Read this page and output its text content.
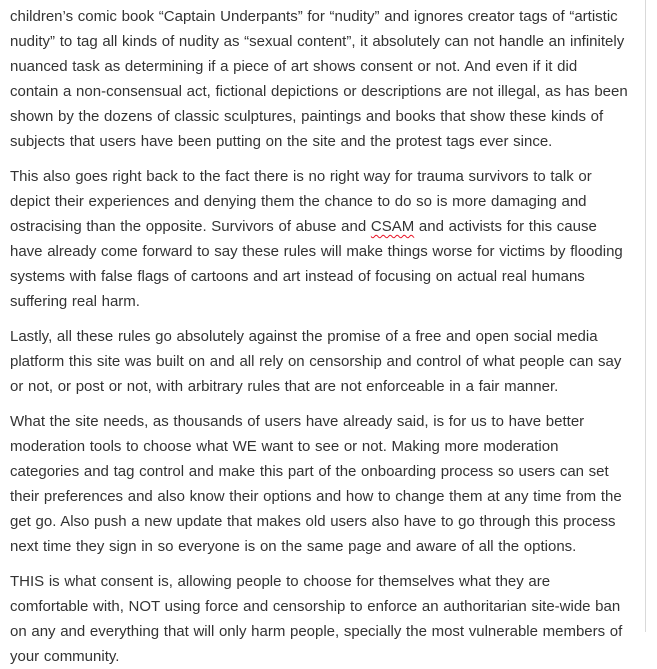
children’s comic book “Captain Underpants” for “nudity” and ignores creator tags of “artistic nudity” to tag all kinds of nudity as “sexual content”, it absolutely can not handle an infinitely nuanced task as determining if a piece of art shows consent or not. And even if it did contain a non-consensual act, fictional depictions or descriptions are not illegal, as has been shown by the dozens of classic sculptures, paintings and books that show these kinds of subjects that users have been putting on the site and the protest tags ever since.

This also goes right back to the fact there is no right way for trauma survivors to talk or depict their experiences and denying them the chance to do so is more damaging and ostracising than the opposite. Survivors of abuse and CSAM and activists for this cause have already come forward to say these rules will make things worse for victims by flooding systems with false flags of cartoons and art instead of focusing on actual real humans suffering real harm.

Lastly, all these rules go absolutely against the promise of a free and open social media platform this site was built on and all rely on censorship and control of what people can say or not, or post or not, with arbitrary rules that are not enforceable in a fair manner.

What the site needs, as thousands of users have already said, is for us to have better moderation tools to choose what WE want to see or not. Making more moderation categories and tag control and make this part of the onboarding process so users can set their preferences and also know their options and how to change them at any time from the get go. Also push a new update that makes old users also have to go through this process next time they sign in so everyone is on the same page and aware of all the options.

THIS is what consent is, allowing people to choose for themselves what they are comfortable with, NOT using force and censorship to enforce an authoritarian site-wide ban on any and everything that will only harm people, specially the most vulnerable members of your community.
